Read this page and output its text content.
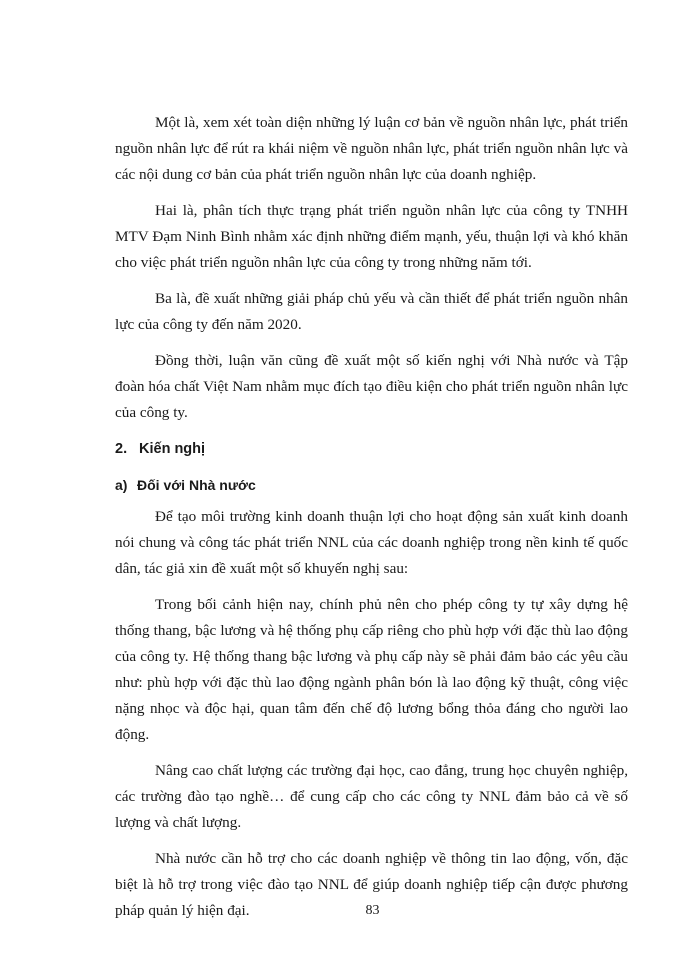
Một là, xem xét toàn diện những lý luận cơ bản về nguồn nhân lực, phát triển nguồn nhân lực để rút ra khái niệm về nguồn nhân lực, phát triển nguồn nhân lực và các nội dung cơ bản của phát triển nguồn nhân lực của doanh nghiệp.

Hai là, phân tích thực trạng phát triển nguồn nhân lực của công ty TNHH MTV Đạm Ninh Bình nhằm xác định những điểm mạnh, yếu, thuận lợi và khó khăn cho việc phát triển nguồn nhân lực của công ty trong những năm tới.

Ba là, đề xuất những giải pháp chủ yếu và cần thiết để phát triển nguồn nhân lực của công ty đến năm 2020.

Đồng thời, luận văn cũng đề xuất một số kiến nghị với Nhà nước và Tập đoàn hóa chất Việt Nam nhằm mục đích tạo điều kiện cho phát triển nguồn nhân lực của công ty.

2. Kiến nghị
a) Đối với Nhà nước

Để tạo môi trường kinh doanh thuận lợi cho hoạt động sản xuất kinh doanh nói chung và công tác phát triển NNL của các doanh nghiệp trong nền kinh tế quốc dân, tác giả xin đề xuất một số khuyến nghị sau:

Trong bối cảnh hiện nay, chính phủ nên cho phép công ty tự xây dựng hệ thống thang, bậc lương và hệ thống phụ cấp riêng cho phù hợp với đặc thù lao động của công ty. Hệ thống thang bậc lương và phụ cấp này sẽ phải đảm bảo các yêu cầu như: phù hợp với đặc thù lao động ngành phân bón là lao động kỹ thuật, công việc nặng nhọc và độc hại, quan tâm đến chế độ lương bổng thỏa đáng cho người lao động.

Nâng cao chất lượng các trường đại học, cao đẳng, trung học chuyên nghiệp, các trường đào tạo nghề… để cung cấp cho các công ty NNL đảm bảo cả về số lượng và chất lượng.

Nhà nước cần hỗ trợ cho các doanh nghiệp về thông tin lao động, vốn, đặc biệt là hỗ trợ trong việc đào tạo NNL để giúp doanh nghiệp tiếp cận được phương pháp quản lý hiện đại.	83
